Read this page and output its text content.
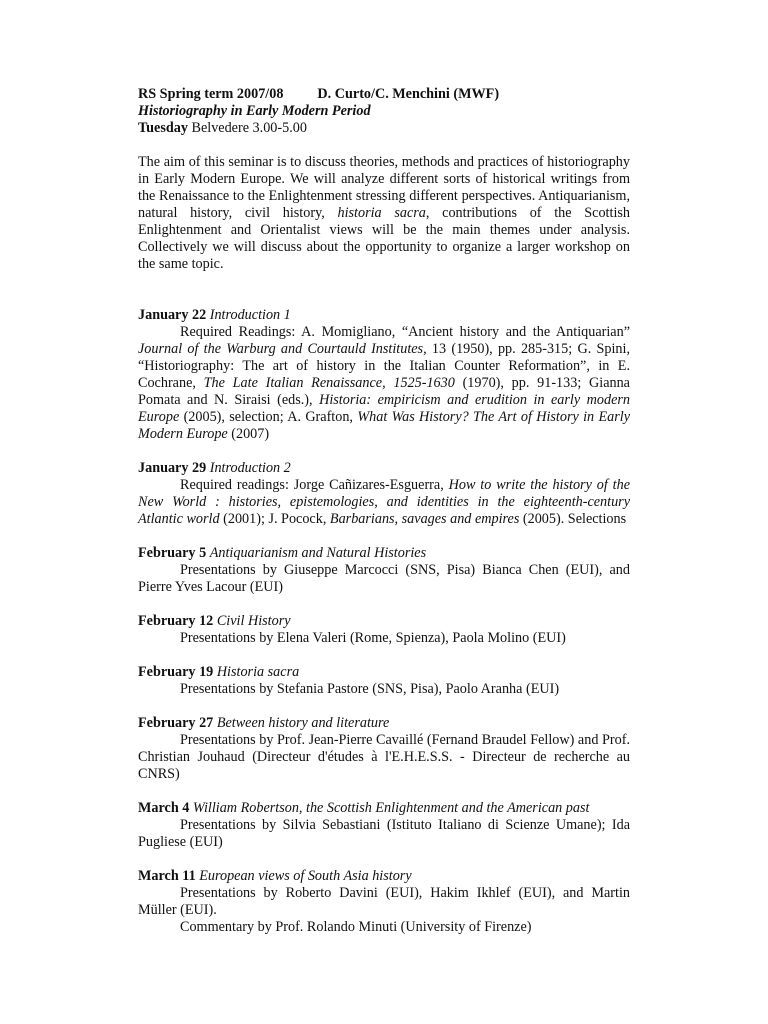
RS Spring term 2007/08 D. Curto/C. Menchini (MWF)
Historiography in Early Modern Period
Tuesday Belvedere 3.00-5.00

The aim of this seminar is to discuss theories, methods and practices of historiography in Early Modern Europe. We will analyze different sorts of historical writings from the Renaissance to the Enlightenment stressing different perspectives. Antiquarianism, natural history, civil history, historia sacra, contributions of the Scottish Enlightenment and Orientalist views will be the main themes under analysis. Collectively we will discuss about the opportunity to organize a larger workshop on the same topic.

January 22 Introduction 1
Required Readings: A. Momigliano, “Ancient history and the Antiquarian” Journal of the Warburg and Courtauld Institutes, 13 (1950), pp. 285-315; G. Spini, “Historiography: The art of history in the Italian Counter Reformation”, in E. Cochrane, The Late Italian Renaissance, 1525-1630 (1970), pp. 91-133; Gianna Pomata and N. Siraisi (eds.), Historia: empiricism and erudition in early modern Europe (2005), selection; A. Grafton, What Was History? The Art of History in Early Modern Europe (2007)
January 29 Introduction 2
Required readings: Jorge Cañizares-Esguerra, How to write the history of the New World : histories, epistemologies, and identities in the eighteenth-century Atlantic world (2001); J. Pocock, Barbarians, savages and empires (2005). Selections
February 5 Antiquarianism and Natural Histories
Presentations by Giuseppe Marcocci (SNS, Pisa) Bianca Chen (EUI), and Pierre Yves Lacour (EUI)
February 12 Civil History
Presentations by Elena Valeri (Rome, Spienza), Paola Molino (EUI)
February 19 Historia sacra
Presentations by Stefania Pastore (SNS, Pisa), Paolo Aranha (EUI)
February 27 Between history and literature
Presentations by Prof. Jean-Pierre Cavaillé (Fernand Braudel Fellow) and Prof. Christian Jouhaud (Directeur d'études à l'E.H.E.S.S. - Directeur de recherche au CNRS)
March 4 William Robertson, the Scottish Enlightenment and the American past
Presentations by Silvia Sebastiani (Istituto Italiano di Scienze Umane); Ida Pugliese (EUI)
March 11 European views of South Asia history
Presentations by Roberto Davini (EUI), Hakim Ikhlef (EUI), and Martin Müller (EUI).
Commentary by Prof. Rolando Minuti (University of Firenze)
